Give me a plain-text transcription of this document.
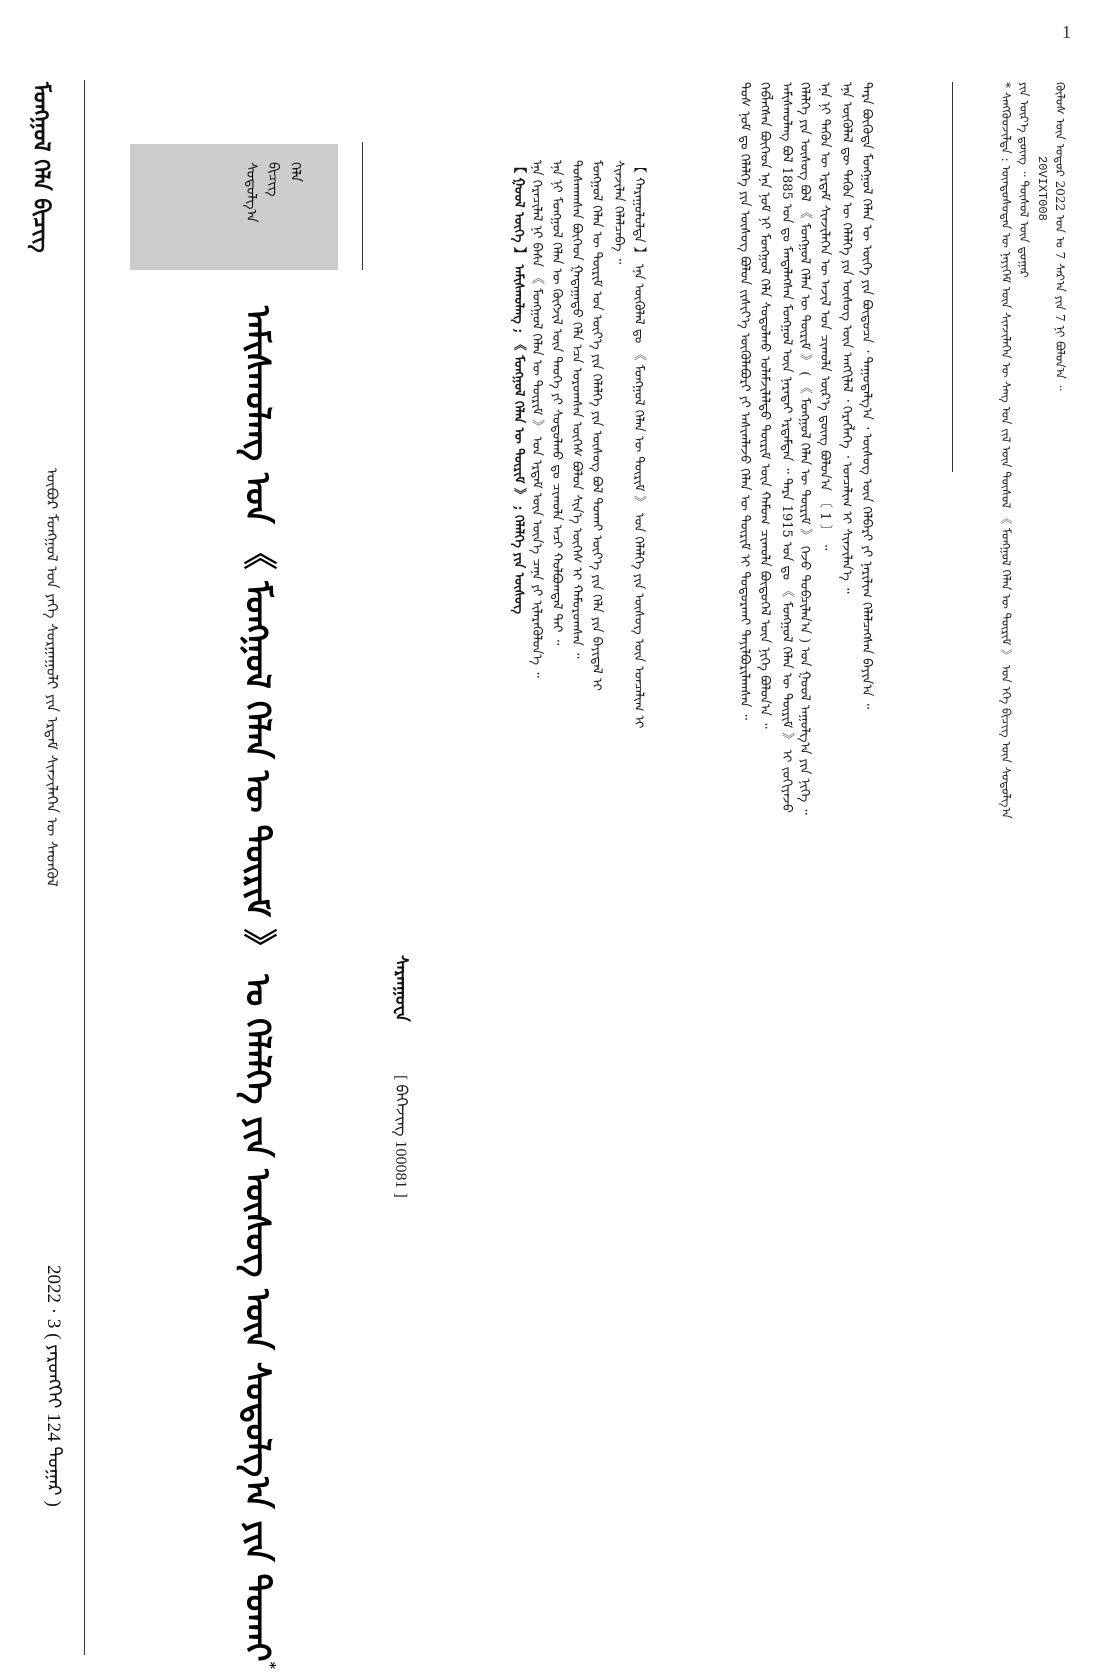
1
ᠮᠣᠩᠭᠣᠯ ᠬᠡᠯᠡ ᠪᠢᠴᠢᠭ
ᠥᠪᠦᠷ ᠮᠣᠩᠭᠣᠯ ᠤᠨ ᠶᠡᠬᠡ ᠰᠤᠷᠭᠠᠭᠤᠯᠢ ᠶᠢᠨ ᠡᠷᠳᠡᠮ ᠰᠢᠨᠵᠢᠯᠡᠭᠡᠨ ᠦ ᠰᠡᠳᠬᠦᠯ
2022 · 3 ( ᠶᠡᠷᠦᠩᠬᠡᠢ 124 ᠳᠤᠭᠠᠷ )
ᠬᠡᠯᠡ
ᠪᠢᠴᠢᠭ
ᠰᠤᠳᠤᠯᠭ᠎ᠠ
ᠠᠮᠢᠰᠬᠤᠯᠠᠩ ᠤᠨ 《 ᠮᠣᠩᠭᠣᠯ ᠬᠡᠯᠡᠨ ᠦ ᠳᠦᠷᠢᠮ 》 ᠤ ᠬᠡᠯᠡᠯᠭᠡ ᠶᠢᠨ ᠦᠰᠦᠭ ᠦᠨ ᠰᠤᠳᠤᠯᠭ᠎ᠠ ᠶᠢᠨ ᠲᠤᠬᠠᠢ*
ᠰᠠᠷᠠᠨᠭᠤᠸᠠ
[ ᠪᠡᠭᠡᠵᠢᠩ 100081 ]
【 ᠬᠠᠷᠠᠭᠤᠯᠤᠯᠲᠠ 】 ᠡᠨᠡ ᠥᠭᠦᠯᠡᠯ ᠳᠤ 《 ᠮᠣᠩᠭᠣᠯ ᠬᠡᠯᠡᠨ ᠦ ᠳᠦᠷᠢᠮ 》 ᠤᠨ ᠬᠡᠯᠡᠯᠭᠡ ᠶᠢᠨ ᠦᠰᠦᠭ ᠦᠨ ᠣᠨᠴᠠᠯᠢᠭ ᠢ
ᠰᠢᠨᠵᠢᠯᠡᠨ ᠬᠡᠯᠡᠯᠴᠡᠪᠡ ᠃
ᠮᠣᠩᠭᠣᠯ ᠬᠡᠯᠡᠨ ᠦ ᠳᠦᠷᠢᠮ ᠤᠨ ᠦᠶ᠎ᠡ ᠶᠢᠨ ᠬᠡᠯᠡᠯᠭᠡ ᠶᠢᠨ ᠦᠰᠦᠭ ᠪᠣᠯ ᠲᠤᠬᠠᠢ ᠦᠶ᠎ᠡ ᠶᠢᠨ ᠬᠡᠯᠡ ᠶᠢᠨ ᠪᠠᠶᠢᠳᠠᠯ ᠢ
ᠲᠤᠰᠬᠠᠭᠰᠠᠨ ᠪᠦᠭᠡᠳ ᠭᠠᠳᠠᠭᠠᠳᠤ ᠬᠡᠯᠡ ᠡᠴᠡ ᠣᠷᠤᠭᠰᠠᠨ ᠦᠭᠡᠰ ᠪᠣᠯᠤᠨ ᠰᠢᠨ᠎ᠡ ᠦᠭᠡᠰ ᠢ ᠬᠠᠮᠤᠷᠤᠭᠰᠠᠨ ᠃
ᠡᠨᠡ ᠨᠢ ᠮᠣᠩᠭᠣᠯ ᠬᠡᠯᠡᠨ ᠦ ᠬᠥᠭᠵᠢᠯ ᠦᠨ ᠲᠡᠦᠬᠡ ᠶᠢ ᠰᠤᠳᠤᠯᠬᠤ ᠳᠤ ᠴᠢᠬᠤᠯᠠ ᠠᠴᠢ ᠬᠣᠯᠪᠣᠭᠳᠠᠯ ᠲᠠᠢ ᠃
ᠡᠨᠡ ᠭᠡᠷᠡᠴᠢᠯᠡᠯ ᠨᠢ ᠪᠠᠰᠠ 《 ᠮᠣᠩᠭᠣᠯ ᠬᠡᠯᠡᠨ ᠦ ᠳᠦᠷᠢᠮ 》 ᠤᠨ ᠡᠷᠳᠡᠮ ᠦᠨ ᠦᠨ᠎ᠡ ᠴᠡᠨᠡ ᠶᠢ ᠢᠯᠡᠷᠡᠭᠦᠯᠦᠨ᠎ᠡ ᠃
【 ᠭᠣᠣᠯ ᠦᠭᠡ 】 ᠠᠮᠢᠰᠬᠤᠯᠠᠩ ; 《 ᠮᠣᠩᠭᠣᠯ ᠬᠡᠯᠡᠨ ᠦ ᠳᠦᠷᠢᠮ 》 ; ᠬᠡᠯᠡᠯᠭᠡ ᠶᠢᠨ ᠦᠰᠦᠭ	ᠠᠮᠢᠰᠬᠤᠯᠠᠩ ᠪᠣᠯ 1885 ᠣᠨ ᠳᠤ ᠮᠡᠨᠳᠡᠯᠡᠭᠰᠡᠨ ᠮᠣᠩᠭᠣᠯ ᠦᠨ ᠨᠡᠷᠡᠲᠡᠢ ᠡᠷᠳᠡᠮᠲᠡᠨ ᠃ ᠲᠡᠷᠡ 1915 ᠣᠨ ᠳᠤ 《 ᠮᠣᠩᠭᠣᠯ ᠬᠡᠯᠡᠨ ᠦ ᠳᠦᠷᠢᠮ 》 ᠢ ᠵᠣᠬᠢᠶᠠᠵᠤ
ᠬᠡᠪᠯᠡᠭᠰᠡᠨ ᠪᠥᠭᠡᠳ ᠡᠨᠡ ᠨᠣᠮ ᠨᠢ ᠮᠣᠩᠭᠣᠯ ᠬᠡᠯᠡ ᠰᠤᠳᠤᠯᠬᠤ ᠤᠯᠠᠮᠵᠢᠯᠠᠯᠲᠤ ᠳᠦᠷᠢᠮ ᠦᠨ ᠬᠠᠮᠤᠭ ᠴᠢᠬᠤᠯᠠ ᠪᠦᠲᠦᠭᠡᠯ ᠦᠨ ᠨᠢᠭᠡ ᠪᠣᠯᠤᠨ᠎ᠠ ᠃
ᠲᠤᠰ ᠨᠣᠮ ᠳᠤ ᠬᠡᠯᠡᠯᠭᠡ ᠶᠢᠨ ᠦᠰᠦᠭ ᠪᠣᠯᠤᠨ ᠵᠢᠱᠢᠶ᠎ᠡ ᠥᠭᠦᠯᠡᠪᠦᠷᠢ ᠶᠢ ᠠᠰᠢᠭᠯᠠᠵᠤ ᠬᠡᠯᠡᠨ ᠦ ᠳᠦᠷᠢᠮ ᠢ ᠲᠣᠳᠤᠷᠬᠠᠢ ᠲᠠᠶᠢᠯᠪᠤᠷᠢᠯᠠᠭᠰᠠᠨ ᠃	ᠡᠨᠡ ᠨᠢ ᠲᠡᠭᠦᠨ ᠦ ᠡᠷᠳᠡᠮ ᠰᠢᠨᠵᠢᠯᠡᠭᠡᠨ ᠦ ᠠᠵᠢᠯ ᠤᠨ ᠴᠢᠬᠤᠯᠠ ᠦᠷ᠎ᠡ ᠳ᠋ᠦᠩ ᠪᠣᠯᠤᠨ᠎ᠠ 〔 1 〕 ᠃
ᠬᠡᠯᠡᠯᠭᠡ ᠶᠢᠨ ᠦᠰᠦᠭ ᠪᠣᠯ 《 ᠮᠣᠩᠭᠣᠯ ᠬᠡᠯᠡᠨ ᠦ ᠳᠦᠷᠢᠮ 》 ( 《 ᠮᠣᠩᠭᠣᠯ ᠬᠡᠯᠡᠨ ᠦ ᠳᠦᠷᠢᠮ 》 ᠭᠡᠵᠦ ᠲᠣᠪᠴᠢᠯᠠᠨ᠎ᠠ ) ᠤᠨ ᠭᠣᠣᠯ ᠠᠭᠤᠯᠭ᠎ᠠ ᠶᠢᠨ ᠨᠢᠭᠡ ᠃	ᠲᠡᠷᠡ ᠪᠦᠭᠦᠳᠡ ᠮᠣᠩᠭᠣᠯ ᠬᠡᠯᠡᠨ ᠦ ᠦᠭᠡ ᠶᠢᠨ ᠪᠦᠲᠦᠴᠡ ᠂ ᠳᠠᠭᠤᠳᠠᠯᠭ᠎ᠠ ᠂ ᠦᠰᠦᠭ ᠦᠨ ᠬᠡᠯᠪᠡᠷᠢ ᠶᠢ ᠨᠠᠷᠢᠯᠢᠭ ᠬᠡᠯᠡᠯᠴᠡᠭᠰᠡᠨ ᠪᠠᠶᠢᠨ᠎ᠠ ᠃
ᠡᠨᠡ ᠥᠭᠦᠯᠡᠯ ᠳᠦ ᠲᠡᠭᠦᠨ ᠦ ᠬᠡᠯᠡᠯᠭᠡ ᠶᠢᠨ ᠦᠰᠦᠭ ᠦᠨ ᠠᠩᠭᠢᠯᠠᠯ ᠂ ᠬᠡᠷᠡᠭᠯᠡᠭᠡ ᠂ ᠣᠨᠴᠠᠯᠢᠭ ᠢ ᠰᠢᠨᠵᠢᠯᠡᠨ᠎ᠡ ᠃	* ᠰᠠᠩᠬᠦᠦᠵᠢᠯᠳᠡ : ᠦᠨᠳᠦᠰᠦᠲᠡᠨ ᠦ ᠨᠡᠶᠢᠭᠡᠮ ᠦᠨ ᠰᠢᠨᠵᠢᠯᠡᠭᠡᠨ ᠦ ᠰᠠᠩ ᠤᠨ ᠵᠢᠯ ᠦᠨ ᠲᠥᠰᠥᠯ 《 ᠮᠣᠩᠭᠣᠯ ᠬᠡᠯᠡᠨ ᠦ ᠳᠦᠷᠢᠮ 》 ᠤᠨ ᠡᠬᠡ ᠪᠢᠴᠢᠭ ᠦᠨ ᠰᠤᠳᠤᠯᠭ᠎ᠠ ᠶᠢᠨ ᠦᠷ᠎ᠡ ᠳ᠋ᠦᠩ ᠃ ᠲᠥᠰᠥᠯ ᠦᠨ ᠳ᠋ᠤᠭᠠᠷ 20VIXT008 ᠬᠥᠯᠥᠰ ᠦᠨ ᠤᠳᠤᠷ 2022 ᠣᠨ ᠤ 7 ᠰᠠᠷ᠎ᠠ ᠶᠢᠨ 7 ᠨᠢ ᠪᠣᠯᠤᠨ᠎ᠠ ᠃
